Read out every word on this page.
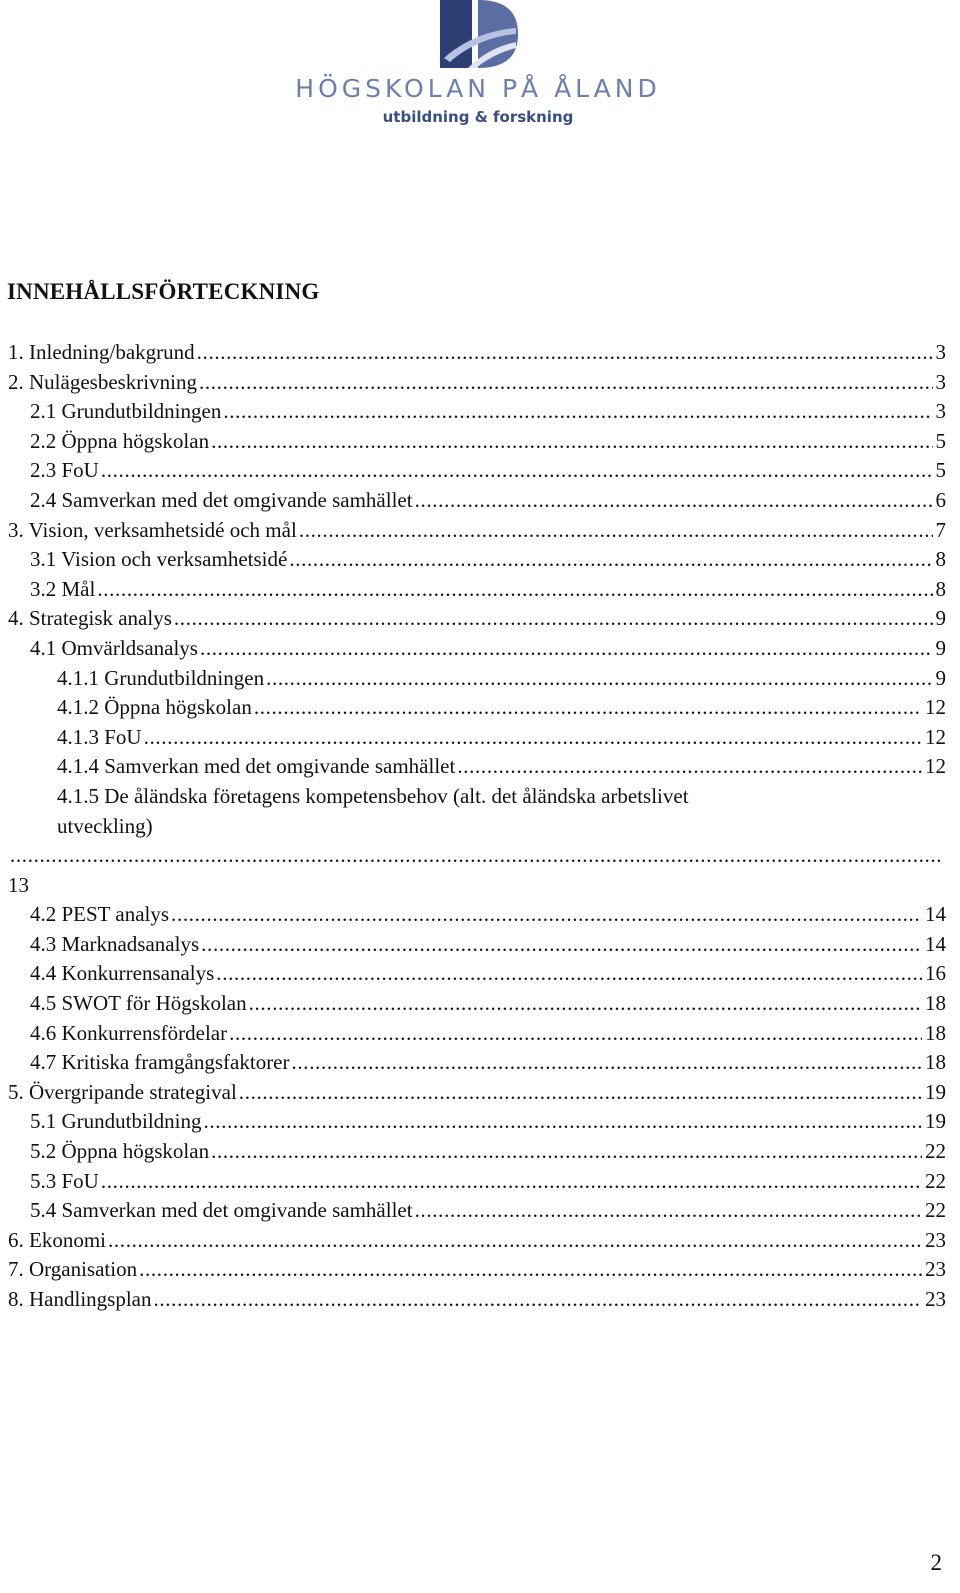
HÖGSKOLAN PÅ ÅLAND
utbildning & forskning
INNEHÅLLSFÖRTECKNING
1. Inledning/bakgrund . . .	3
2. Nulägesbeskrivning . . .	3
2.1 Grundutbildningen . . .	3
2.2 Öppna högskolan . . .	5
2.3 FoU . . .	5
2.4 Samverkan med det omgivande samhället . . .	6
3. Vision, verksamhetsidé och mål . . .	7
3.1 Vision och verksamhetsidé . . .	8
3.2 Mål . . .	8
4. Strategisk analys . . .	9
4.1 Omvärldsanalys . . .	9
4.1.1 Grundutbildningen . . .	9
4.1.2 Öppna högskolan . . .	12
4.1.3 FoU . . .	12
4.1.4 Samverkan med det omgivande samhället . . .	12
4.1.5 De åländska företagens kompetensbehov (alt. det åländska arbetslivet
utveckling)
. . .
13
4.2 PEST analys . . .	14
4.3 Marknadsanalys . . .	14
4.4 Konkurrensanalys . . .	16
4.5 SWOT för Högskolan . . .	18
4.6 Konkurrensfördelar . . .	18
4.7 Kritiska framgångsfaktorer . . .	18
5. Övergripande strategival . . .	19
5.1 Grundutbildning . . .	19
5.2 Öppna högskolan . . .	22
5.3 FoU . . .	22
5.4 Samverkan med det omgivande samhället . . .	22
6. Ekonomi . . .	23
7. Organisation . . .	23
8. Handlingsplan . . .	23
2
